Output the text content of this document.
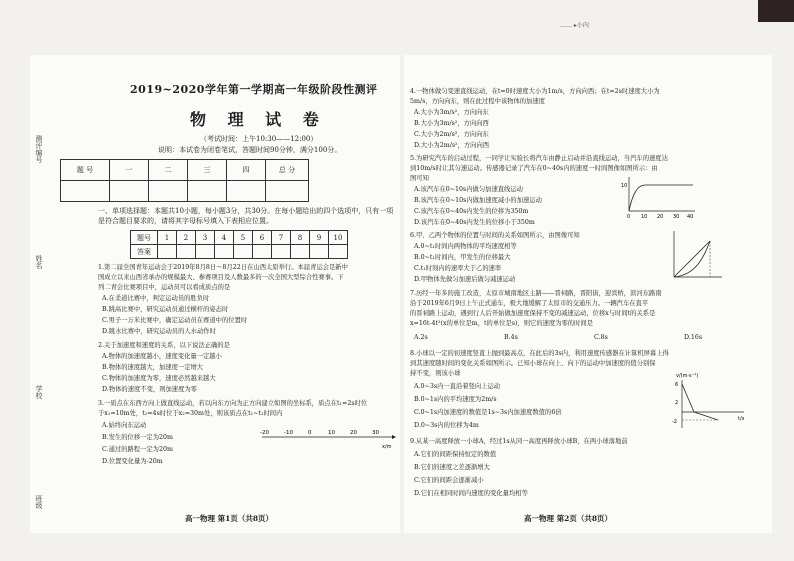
…… ▸小內
测评编号
姓名
学校
班级
2019~2020学年第一学期高一年级阶段性测评
物 理 试 卷
（考试时间：上午10:30——12:00）
说明：本试卷为闭卷笔试，答题时间90分钟，满分100分。
题 号	一	二	三	四	总 分

一、单项选择题：本题共10小题，每小题3分，共30分。在每小题给出的四个选项中，只有一项
是符合题目要求的，请将其字母标号填入下表相应位置。
题号	1	2	3	4	5	6	7	8	9	10
答案										
1.第二届全国青年运动会于2019年8月8日～8月22日在山西太原举行。本届青运会是新中
国成立以来山西省承办的规模最大、参赛项目及人数最多的一次全国大型综合性赛事。下
列二青会比赛项目中，运动员可以看成质点的是
A.在柔道比赛中，判定运动员的胜负时
B.跳高比赛中，研究运动员通过横杆的姿态时
C.男子一万米比赛中，确定运动员在赛道中的位置时
D.跳水比赛中，研究运动员的人水动作时
2.关于加速度和速度的关系，以下说法正确的是
A.物体的加速度越小，速度变化量一定越小
B.物体的速度越大，加速度一定增大
C.物体的加速度为零，速度必然越来越大
D.物体的速度不变，则加速度为零
3.一质点在东西方向上做直线运动，若以向东方向为正方向建立如图的坐标系，质点在t₁=2s时位
于x₁=10m处，t₂=4s时位于x₂=30m处，则该质点在t₁~t₂时间内
A.始终向东运动
B.发生的位移一定为20m
C.通过的路程一定为20m
D.位置变化量为-20m
-20	-10	0	10	20	30
x/m
高一物理 第1页（共8页）
4.一物体做匀变速直线运动，在t=0时速度大小为1m/s，方向向西；在t=2s时速度大小为
5m/s，方向向东，则在此过程中该物体的加速度
A.大小为3m/s²，方向向东
B.大小为3m/s²，方向向西
C.大小为2m/s²，方向向东
D.大小为2m/s²，方向向西
5.为研究汽车的启动过程，一同学让实验长将汽车由静止启动并沿直线运动，当汽车的速度达
到10m/s时让其匀速运动。传感器记录了汽车在0~40s内的速度一时间图像如图所示：由
图可知
A.该汽车在0~10s内做匀加速直线运动
B.该汽车在0~10s内做加速度减小的加速运动
C.该汽车在0~40s内发生的位移为350m
D.该汽车在0~40s内发生的位移小于350m
10
0 10 20 30 40
6.甲、乙两个物体的位置与时间的关系如图所示，由图像可知
A.0~t₁时间内两物体的平均速度相等
B.0~t₁时间内，甲发生的位移最大
C.t₁时刻内的速率大于乙的速率
D.甲物体先做匀加速后做匀减速运动
7.历经一年多的施工改造，太原市城南地区主路——晋祠路，晋阳街，迎宾桥，滨河东路南
沿于2019年6月9日上午正式通车，极大地缓解了太原市的交通压力。一辆汽车在直平
的晋祠路上运动，遇到行人后开始做加速度保持不变的减速运动，位移x与时间t的关系是
x=16t-4t²(x的单位是m，t的单位是s)，则它的速度为零的时间是
A.2s	B.4s	C.8s	D.16s
8.小球以一定的初速度竖直上抛到最高点，在此后的3s内，利用速度传感器在计算机屏幕上得
到其速度随时间的变化关系如图所示。已知小球在向上、向下的运动中加速度的值分别保
持不变，则该小球
A.0~3s内一直沿着竖向上运动
B.0~1s内的平均速度为2m/s
C.0~1s内加速度的数值是1s~3s内加速度数值的6倍
D.0~3s内的位移为4m
v/(m·s⁻¹)
6
2
-2	t/s
9.从某一高度释放一小球A，经过1s从同一高度再释放小球B，在两小球落地前
A.它们的间距保持恒定的数值
B.它们的速度之差逐渐增大
C.它们的间距会逐渐减小
D.它们在相同时间内速度的变化量均相等
高一物理 第2页（共8页）
